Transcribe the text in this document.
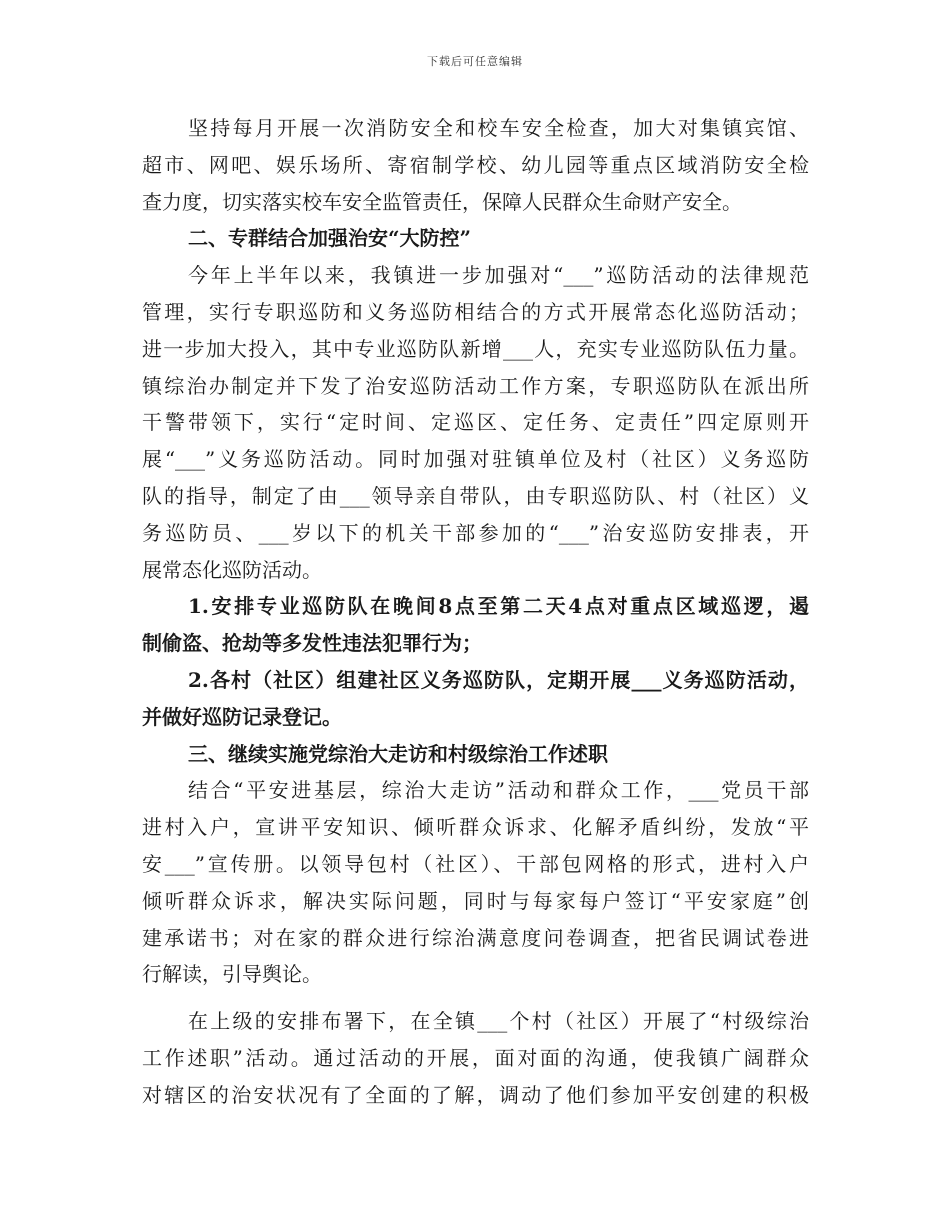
下载后可任意编辑
坚持每月开展一次消防安全和校车安全检查，加大对集镇宾馆、
超市、网吧、娱乐场所、寄宿制学校、幼儿园等重点区域消防安全检
查力度，切实落实校车安全监管责任，保障人民群众生命财产安全。
二、专群结合加强治安“大防控”
今年上半年以来，我镇进一步加强对“___”巡防活动的法律规范
管理，实行专职巡防和义务巡防相结合的方式开展常态化巡防活动；
进一步加大投入，其中专业巡防队新增___人，充实专业巡防队伍力量。
镇综治办制定并下发了治安巡防活动工作方案，专职巡防队在派出所
干警带领下，实行“定时间、定巡区、定任务、定责任”四定原则开
展“___”义务巡防活动。同时加强对驻镇单位及村（社区）义务巡防
队的指导，制定了由___领导亲自带队，由专职巡防队、村（社区）义
务巡防员、___岁以下的机关干部参加的“___”治安巡防安排表，开
展常态化巡防活动。
1.安排专业巡防队在晚间8点至第二天4点对重点区域巡逻，遏
制偷盗、抢劫等多发性违法犯罪行为；
2.各村（社区）组建社区义务巡防队，定期开展___义务巡防活动，
并做好巡防记录登记。
三、继续实施党综治大走访和村级综治工作述职
结合“平安进基层，综治大走访”活动和群众工作，___党员干部
进村入户，宣讲平安知识、倾听群众诉求、化解矛盾纠纷，发放“平
安___”宣传册。以领导包村（社区）、干部包网格的形式，进村入户
倾听群众诉求，解决实际问题，同时与每家每户签订“平安家庭”创
建承诺书；对在家的群众进行综治满意度问卷调查，把省民调试卷进
行解读，引导舆论。
在上级的安排布署下，在全镇___个村（社区）开展了“村级综治
工作述职”活动。通过活动的开展，面对面的沟通，使我镇广阔群众
对辖区的治安状况有了全面的了解，调动了他们参加平安创建的积极
